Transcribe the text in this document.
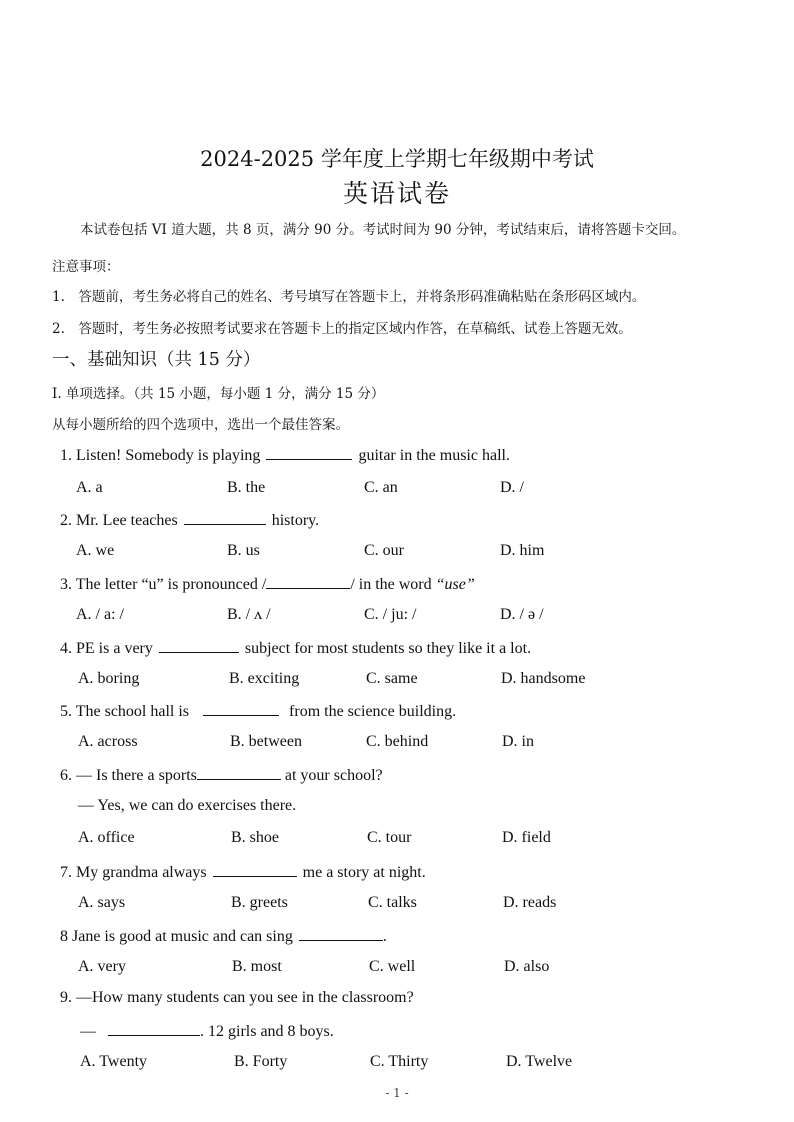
2024-2025 学年度上学期七年级期中考试
英语试卷
本试卷包括 VI 道大题，共 8 页，满分 90 分。考试时间为 90 分钟，考试结束后，请将答题卡交回。
注意事项：
1.　答题前，考生务必将自己的姓名、考号填写在答题卡上，并将条形码准确粘贴在条形码区域内。
2.　答题时，考生务必按照考试要求在答题卡上的指定区域内作答，在草稿纸、试卷上答题无效。
一、基础知识（共 15 分）
I. 单项选择。（共 15 小题，每小题 1 分，满分 15 分）
从每小题所给的四个选项中，选出一个最佳答案。
1. Listen! Somebody is playing	guitar in the music hall.
A. a	B. the	C. an	D. /
2. Mr. Lee teaches	history.
A. we	B. us	C. our	D. him
3. The letter “u” is pronounced /	/ in the word “use”
A. / a: /	B. / ʌ /	C. / ju: /	D. / ə /
4. PE is a very	subject for most students so they like it a lot.
A. boring	B. exciting	C. same	D. handsome
5. The school hall is	from the science building.
A. across	B. between	C. behind	D. in
6. — Is there a sports	at your school?
— Yes, we can do exercises there.
A. office	B. shoe	C. tour	D. field
7. My grandma always	me a story at night.
A. says	B. greets	C. talks	D. reads
8 Jane is good at music and can sing	.
A. very	B. most	C. well	D. also
9. —How many students can you see in the classroom?
—	. 12 girls and 8 boys.
A. Twenty	B. Forty	C. Thirty	D. Twelve
- 1 -
